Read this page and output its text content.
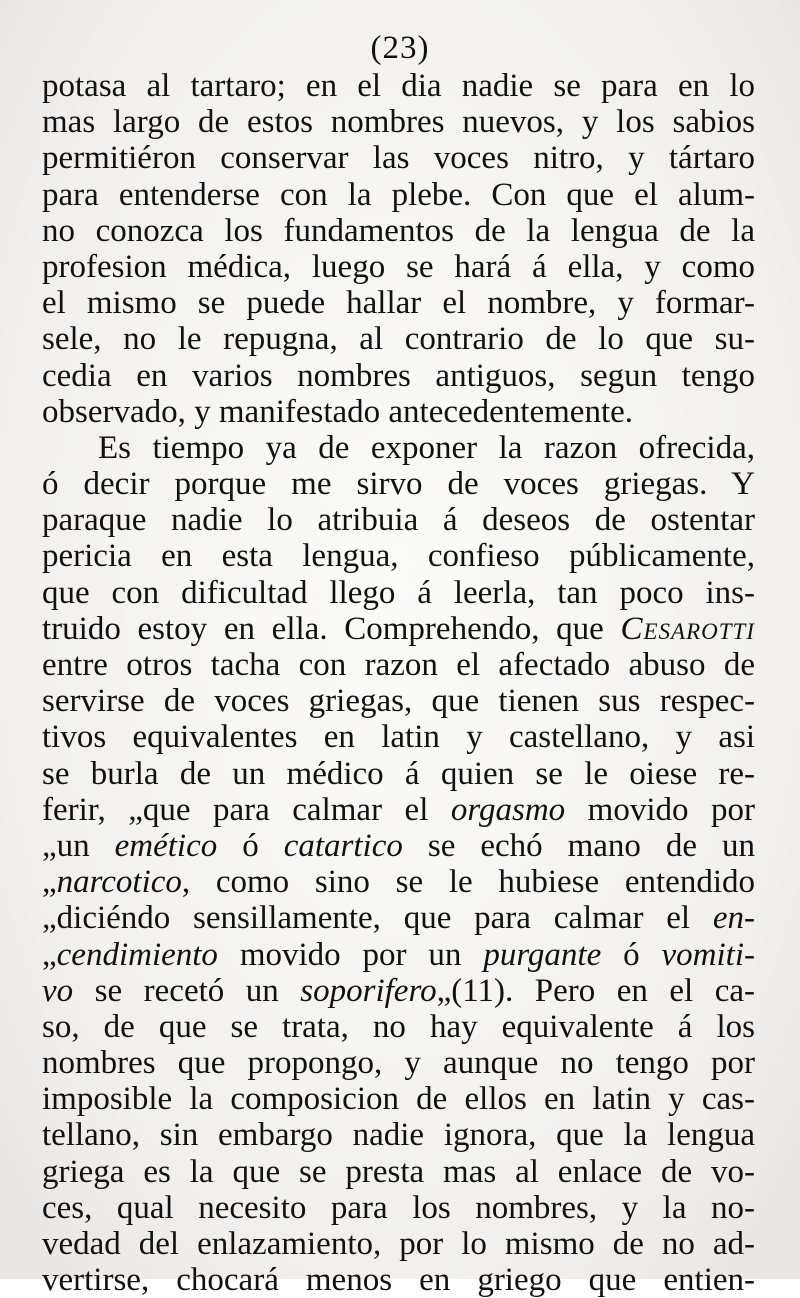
(23)
potasa al tartaro; en el dia nadie se para en lo
mas largo de estos nombres nuevos, y los sabios
permitiéron conservar las voces nitro, y tártaro
para entenderse con la plebe. Con que el alum-
no conozca los fundamentos de la lengua de la
profesion médica, luego se hará á ella, y como
el mismo se puede hallar el nombre, y formar-
sele, no le repugna, al contrario de lo que su-
cedia en varios nombres antiguos, segun tengo
observado, y manifestado antecedentemente.
Es tiempo ya de exponer la razon ofrecida,
ó decir porque me sirvo de voces griegas. Y
paraque nadie lo atribuia á deseos de ostentar
pericia en esta lengua, confieso públicamente,
que con dificultad llego á leerla, tan poco ins-
truido estoy en ella. Comprehendo, que Cesarotti
entre otros tacha con razon el afectado abuso de
servirse de voces griegas, que tienen sus respec-
tivos equivalentes en latin y castellano, y asi
se burla de un médico á quien se le oiese re-
ferir, „que para calmar el orgasmo movido por
„un emético ó catartico se echó mano de un
„narcotico, como sino se le hubiese entendido
„diciéndo sensillamente, que para calmar el en-
„cendimiento movido por un purgante ó vomiti-
vo se recetó un soporifero„(11). Pero en el ca-
so, de que se trata, no hay equivalente á los
nombres que propongo, y aunque no tengo por
imposible la composicion de ellos en latin y cas-
tellano, sin embargo nadie ignora, que la lengua
griega es la que se presta mas al enlace de vo-
ces, qual necesito para los nombres, y la no-
vedad del enlazamiento, por lo mismo de no ad-
vertirse, chocará menos en griego que entien-
